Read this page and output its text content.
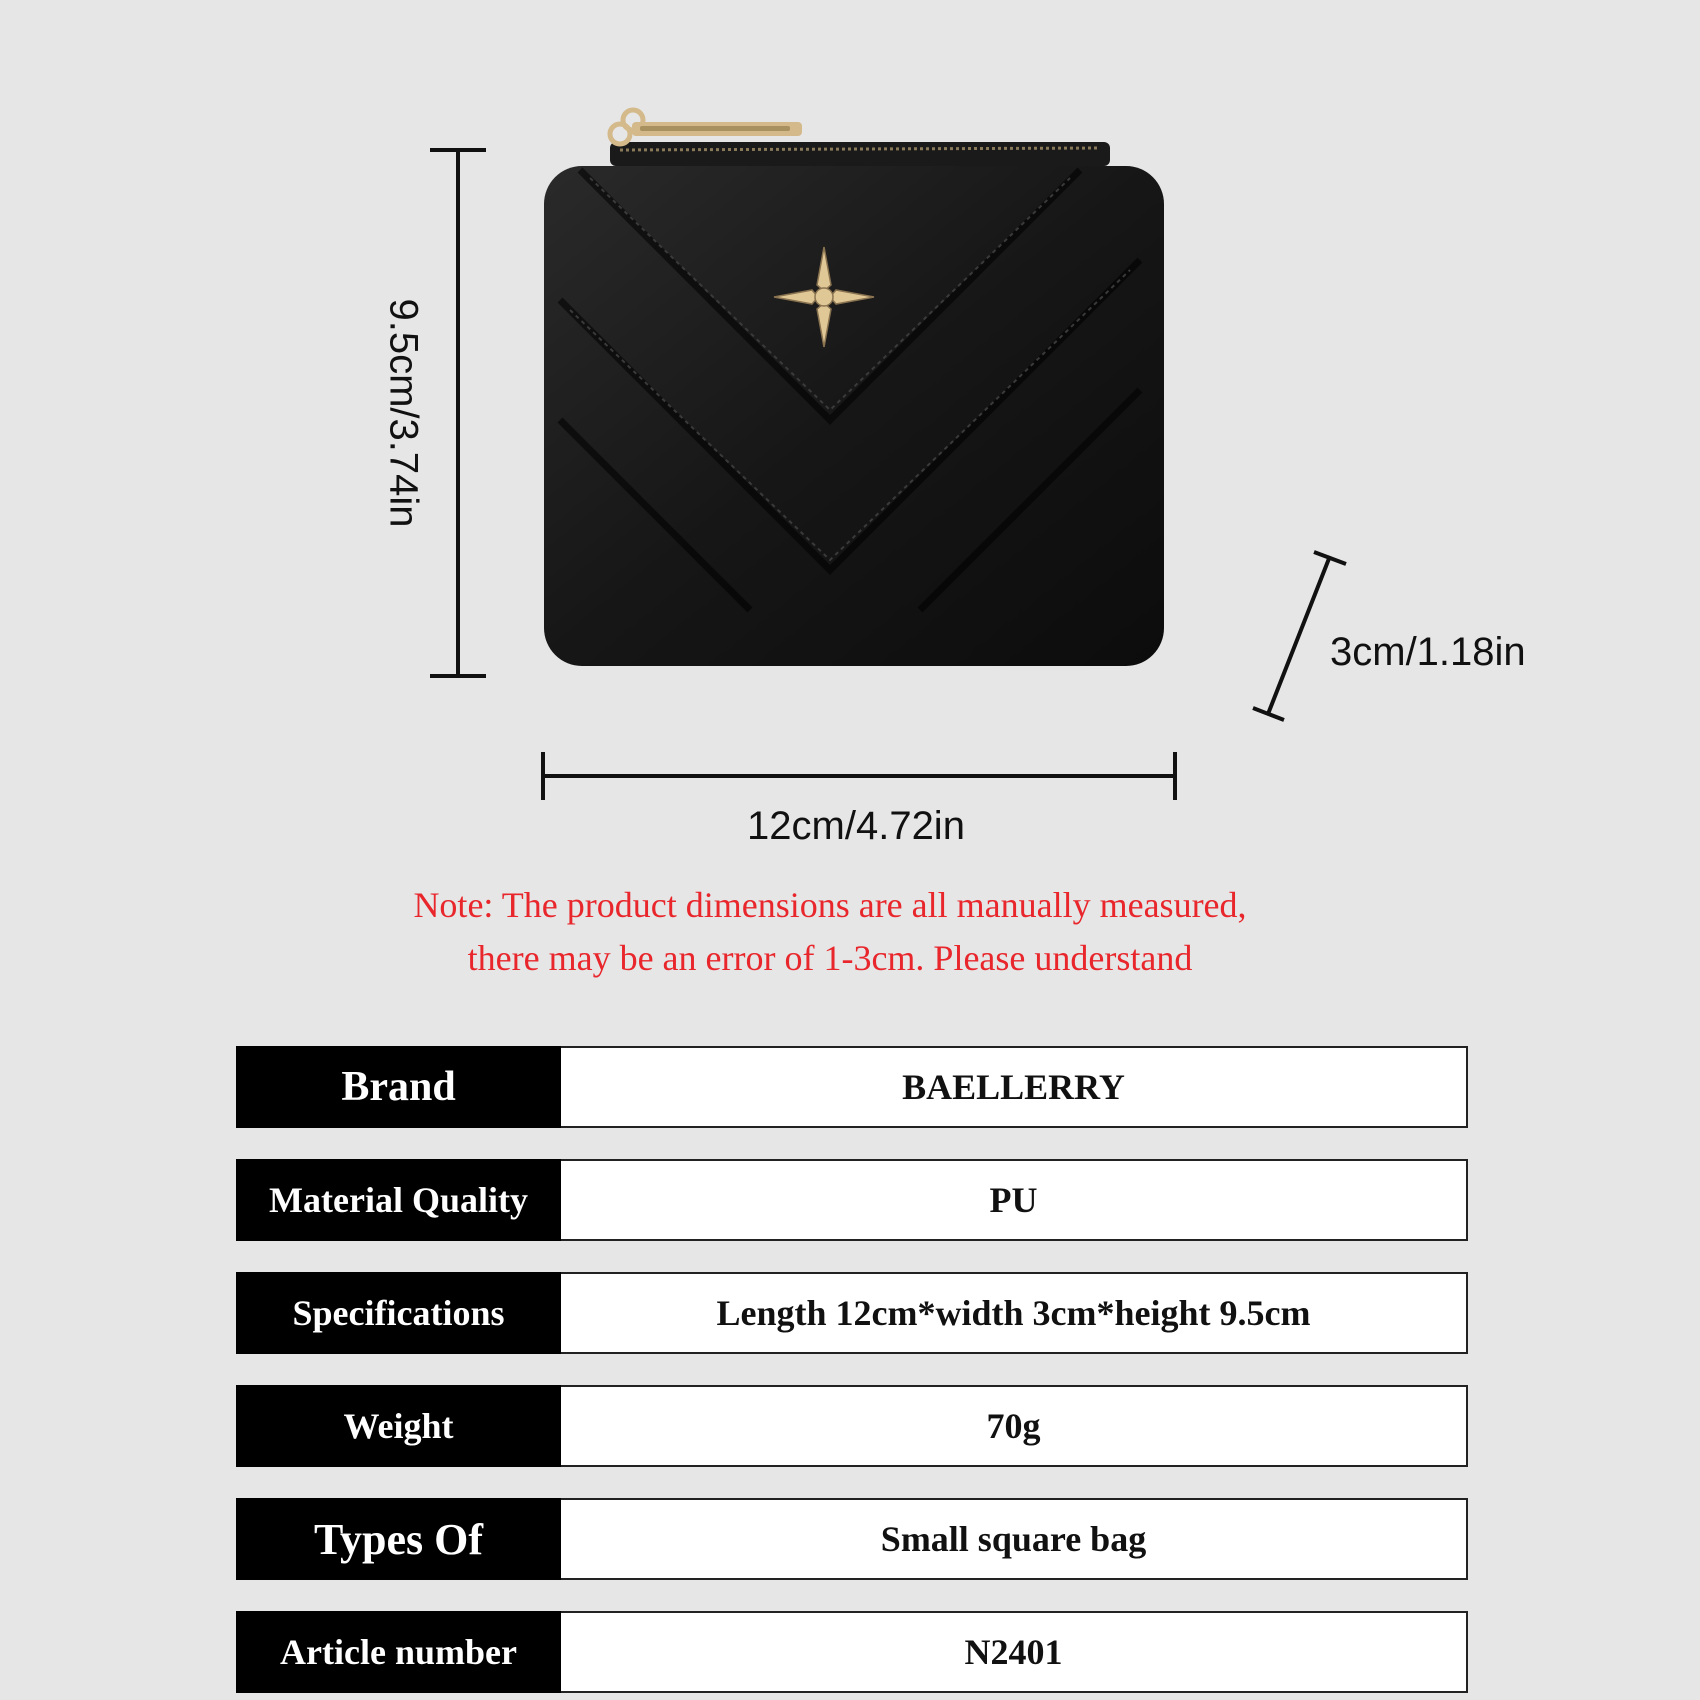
9.5cm/3.74in
12cm/4.72in
3cm/1.18in
Note: The product dimensions are all manually measured,
there may be an error of 1-3cm. Please understand
Brand	BAELLERRY
Material Quality	PU
Specifications	Length 12cm*width 3cm*height 9.5cm
Weight	70g
Types Of	Small square bag
Article number	N2401
